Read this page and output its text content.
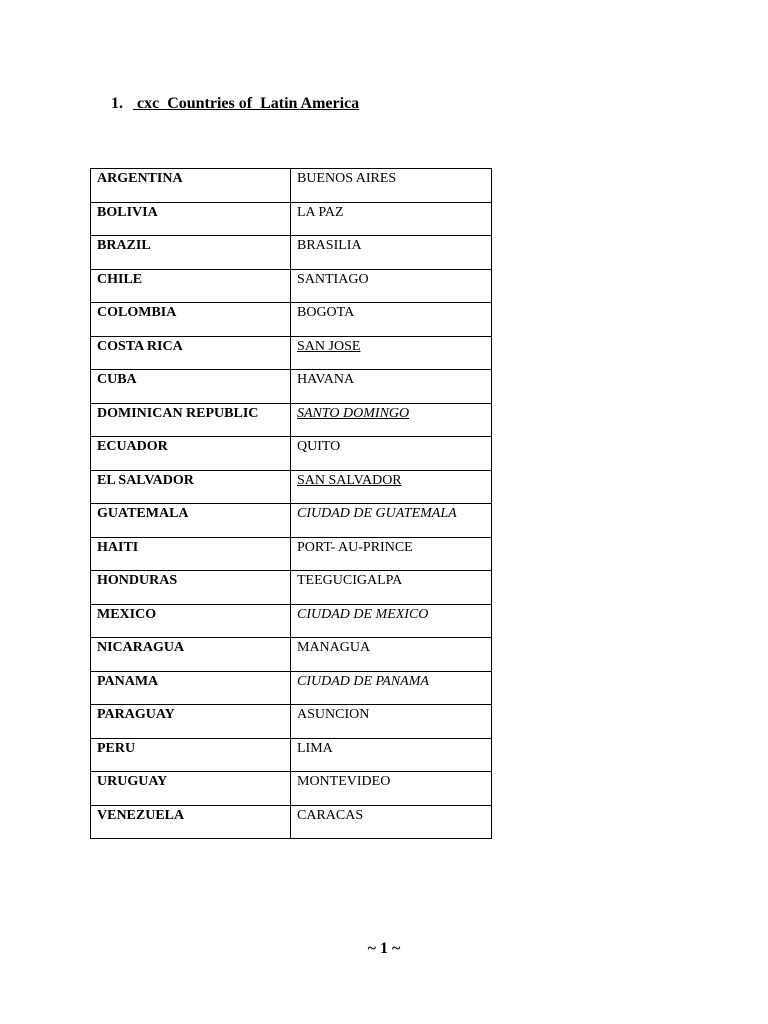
1. cxc  Countries of  Latin America
ARGENTINA	BUENOS AIRES
BOLIVIA	LA PAZ
BRAZIL	BRASILIA
CHILE	SANTIAGO
COLOMBIA	BOGOTA
COSTA RICA	SAN JOSE
CUBA	HAVANA
DOMINICAN REPUBLIC	SANTO DOMINGO
ECUADOR	QUITO
EL SALVADOR	SAN SALVADOR
GUATEMALA	CIUDAD DE GUATEMALA
HAITI	PORT- AU-PRINCE
HONDURAS	TEEGUCIGALPA
MEXICO	CIUDAD DE MEXICO
NICARAGUA	MANAGUA
PANAMA	CIUDAD DE PANAMA
PARAGUAY	ASUNCION
PERU	LIMA
URUGUAY	MONTEVIDEO
VENEZUELA	CARACAS
~ 1 ~
